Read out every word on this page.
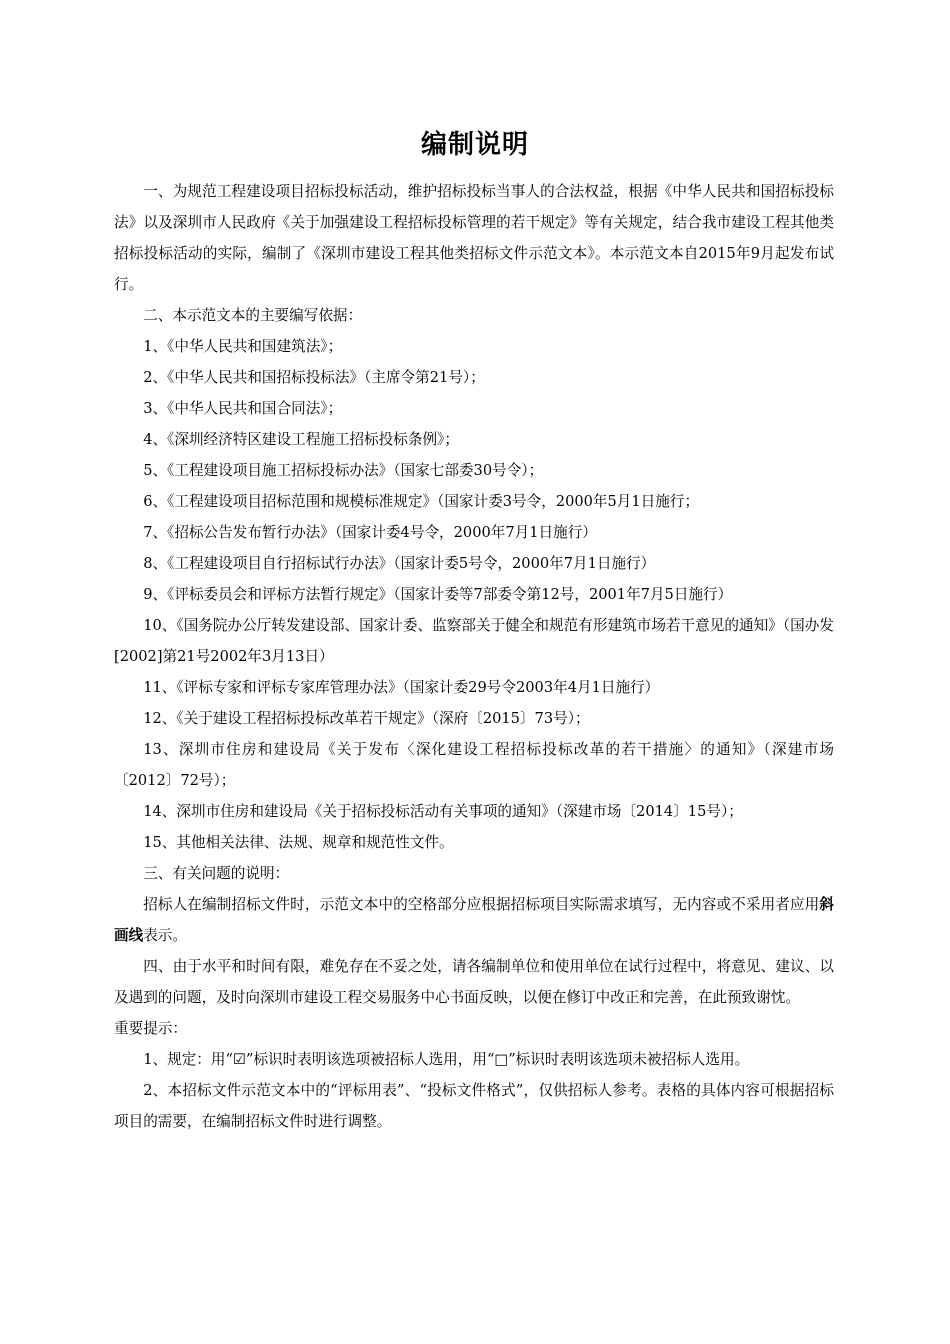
编制说明

一、为规范工程建设项目招标投标活动，维护招标投标当事人的合法权益，根据《中华人民共和国招标投标法》以及深圳市人民政府《关于加强建设工程招标投标管理的若干规定》等有关规定，结合我市建设工程其他类招标投标活动的实际，编制了《深圳市建设工程其他类招标文件示范文本》。本示范文本自2015年9月起发布试行。

二、本示范文本的主要编写依据：

1、《中华人民共和国建筑法》；

2、《中华人民共和国招标投标法》（主席令第21号）；

3、《中华人民共和国合同法》；

4、《深圳经济特区建设工程施工招标投标条例》；

5、《工程建设项目施工招标投标办法》（国家七部委30号令）；

6、《工程建设项目招标范围和规模标准规定》（国家计委3号令，2000年5月1日施行；

7、《招标公告发布暂行办法》（国家计委4号令，2000年7月1日施行）

8、《工程建设项目自行招标试行办法》（国家计委5号令，2000年7月1日施行）

9、《评标委员会和评标方法暂行规定》（国家计委等7部委令第12号，2001年7月5日施行）

10、《国务院办公厅转发建设部、国家计委、监察部关于健全和规范有形建筑市场若干意见的通知》（国办发[2002]第21号2002年3月13日）

11、《评标专家和评标专家库管理办法》（国家计委29号令2003年4月1日施行）

12、《关于建设工程招标投标改革若干规定》（深府〔2015〕73号）；

13、深圳市住房和建设局《关于发布〈深化建设工程招标投标改革的若干措施〉的通知》（深建市场〔2012〕72号）；

14、深圳市住房和建设局《关于招标投标活动有关事项的通知》（深建市场〔2014〕15号）；

15、其他相关法律、法规、规章和规范性文件。

三、有关问题的说明：

招标人在编制招标文件时，示范文本中的空格部分应根据招标项目实际需求填写，无内容或不采用者应用斜画线表示。

四、由于水平和时间有限，难免存在不妥之处，请各编制单位和使用单位在试行过程中，将意见、建议、以及遇到的问题，及时向深圳市建设工程交易服务中心书面反映，以便在修订中改正和完善，在此预致谢忱。

重要提示：

1、规定：用“☑”标识时表明该选项被招标人选用，用“□”标识时表明该选项未被招标人选用。

2、本招标文件示范文本中的“评标用表”、“投标文件格式”，仅供招标人参考。表格的具体内容可根据招标项目的需要，在编制招标文件时进行调整。
